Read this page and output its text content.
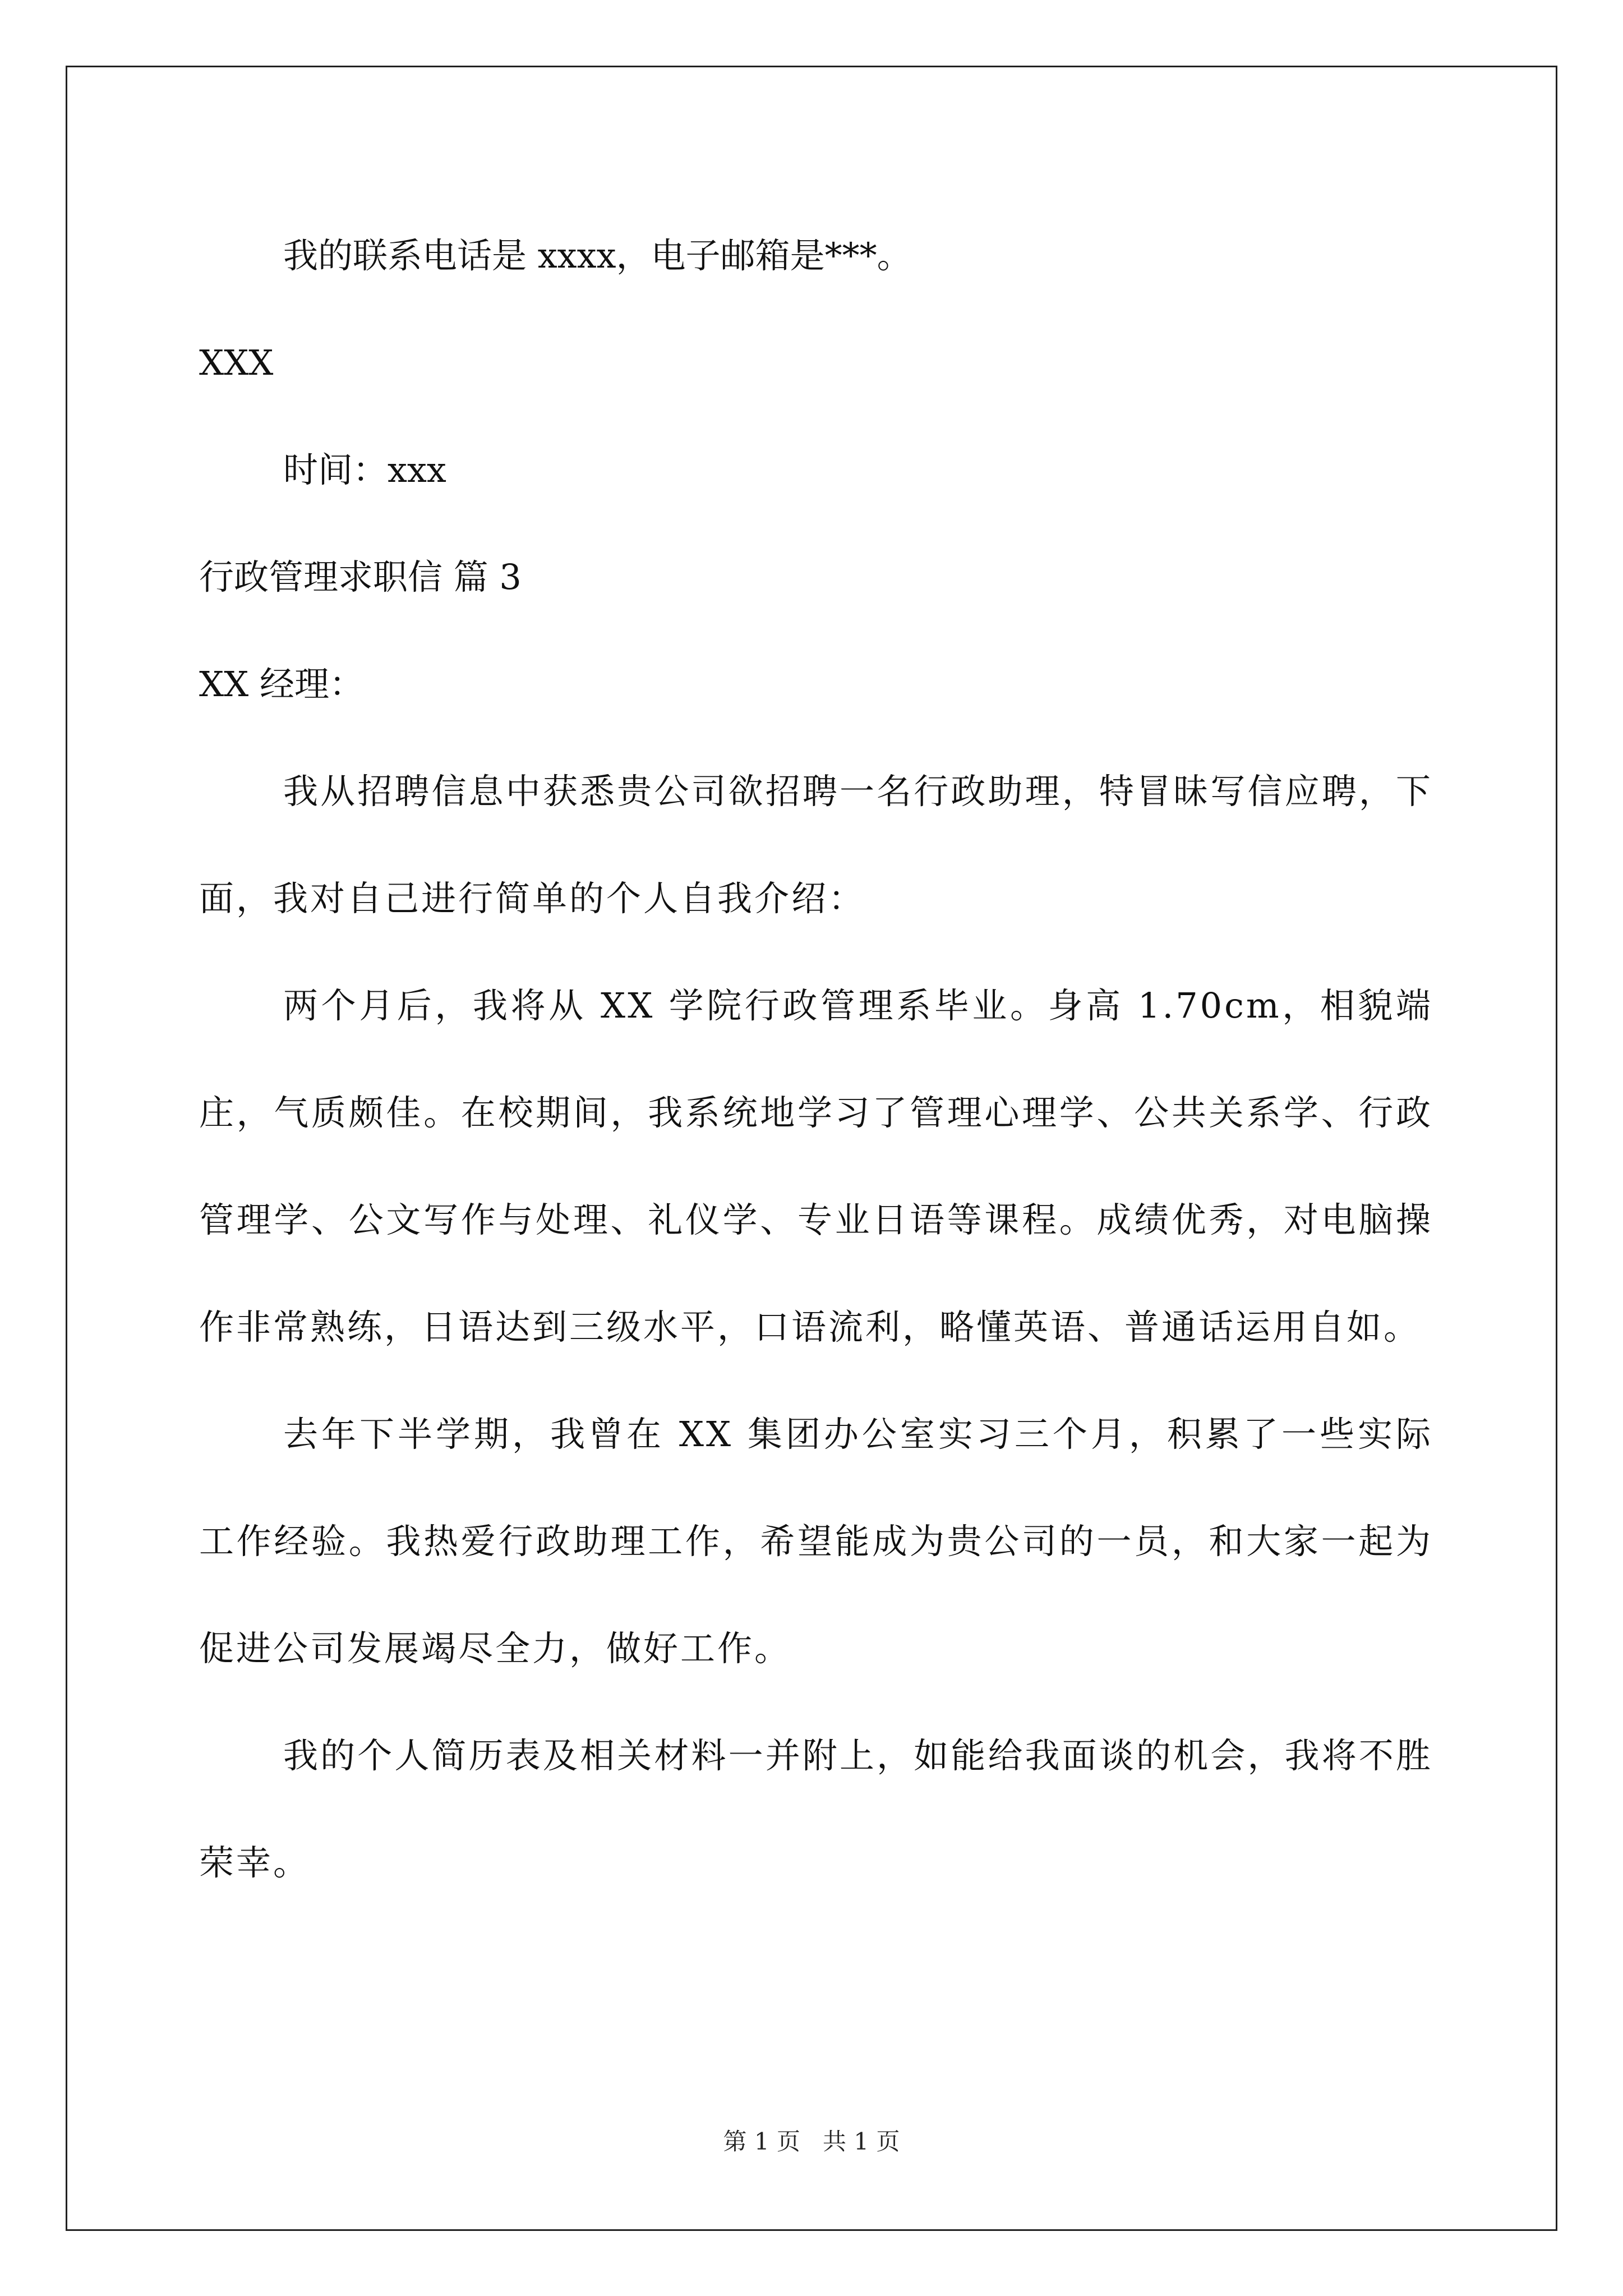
我的联系电话是 xxxx，电子邮箱是***。

XXX

时间：xxx

行政管理求职信 篇 3

XX 经理：

我从招聘信息中获悉贵公司欲招聘一名行政助理，特冒昧写信应聘，下面，我对自己进行简单的个人自我介绍：

两个月后，我将从 XX 学院行政管理系毕业。身高 1.70cm，相貌端庄，气质颇佳。在校期间，我系统地学习了管理心理学、公共关系学、行政管理学、公文写作与处理、礼仪学、专业日语等课程。成绩优秀，对电脑操作非常熟练，日语达到三级水平，口语流利，略懂英语、普通话运用自如。

去年下半学期，我曾在 XX 集团办公室实习三个月，积累了一些实际工作经验。我热爱行政助理工作，希望能成为贵公司的一员，和大家一起为促进公司发展竭尽全力，做好工作。

我的个人简历表及相关材料一并附上，如能给我面谈的机会，我将不胜荣幸。

第 1 页   共 1 页
